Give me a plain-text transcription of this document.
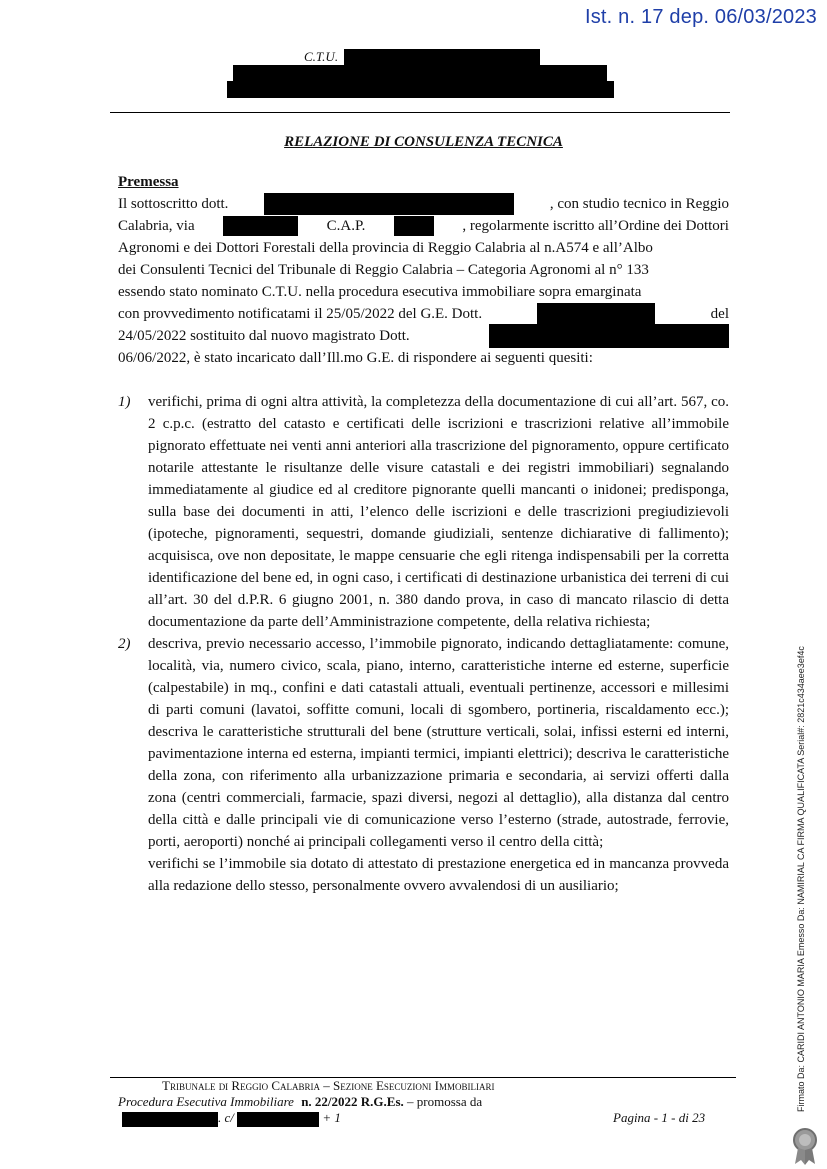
Ist. n. 17 dep. 06/03/2023
C.T.U.
RELAZIONE DI CONSULENZA TECNICA
Premessa
Il sottoscritto dott.	, con studio tecnico in Reggio
Calabria, via	C.A.P.	, regolarmente iscritto all’Ordine dei Dottori
Agronomi e dei Dottori Forestali della provincia di Reggio Calabria al n.A574 e all’Albo
dei Consulenti Tecnici del Tribunale di Reggio Calabria – Categoria Agronomi al n° 133
essendo stato nominato C.T.U. nella procedura esecutiva immobiliare sopra emarginata
con provvedimento notificatami il 25/05/2022 del G.E. Dott.	del
24/05/2022 sostituito dal nuovo magistrato Dott.
06/06/2022, è stato incaricato dall’Ill.mo G.E. di rispondere ai seguenti quesiti:
1) verifichi, prima di ogni altra attività, la completezza della documentazione di cui all’art. 567, co. 2 c.p.c. (estratto del catasto e certificati delle iscrizioni e trascrizioni relative all’immobile pignorato effettuate nei venti anni anteriori alla trascrizione del pignoramento, oppure certificato notarile attestante le risultanze delle visure catastali e dei registri immobiliari) segnalando immediatamente al giudice ed al creditore pignorante quelli mancanti o inidonei; predisponga, sulla base dei documenti in atti, l’elenco delle iscrizioni e delle trascrizioni pregiudizievoli (ipoteche, pignoramenti, sequestri, domande giudiziali, sentenze dichiarative di fallimento); acquisisca, ove non depositate, le mappe censuarie che egli ritenga indispensabili per la corretta identificazione del bene ed, in ogni caso, i certificati di destinazione urbanistica dei terreni di cui all’art. 30 del d.P.R. 6 giugno 2001, n. 380 dando prova, in caso di mancato rilascio di detta documentazione da parte dell’Amministrazione competente, della relativa richiesta;
2) descriva, previo necessario accesso, l’immobile pignorato, indicando dettagliatamente: comune, località, via, numero civico, scala, piano, interno, caratteristiche interne ed esterne, superficie (calpestabile) in mq., confini e dati catastali attuali, eventuali pertinenze, accessori e millesimi di parti comuni (lavatoi, soffitte comuni, locali di sgombero, portineria, riscaldamento ecc.); descriva le caratteristiche strutturali del bene (strutture verticali, solai, infissi esterni ed interni, pavimentazione interna ed esterna, impianti termici, impianti elettrici); descriva le caratteristiche della zona, con riferimento alla urbanizzazione primaria e secondaria, ai servizi offerti dalla zona (centri commerciali, farmacie, spazi diversi, negozi al dettaglio), alla distanza dal centro della città e dalle principali vie di comunicazione verso l’esterno (strade, autostrade, ferrovie, porti, aeroporti) nonché ai principali collegamenti verso il centro della città;
verifichi se l’immobile sia dotato di attestato di prestazione energetica ed in mancanza provveda alla redazione dello stesso, personalmente ovvero avvalendosi di un ausiliario;
Tribunale di Reggio Calabria – Sezione Esecuzioni Immobiliari
Procedura Esecutiva Immobiliare n. 22/2022 R.G.Es. – promossa da
. c/	+ 1	Pagina - 1 - di 23
Firmato Da: CARIDI ANTONIO MARIA Emesso Da: NAMIRIAL CA FIRMA QUALIFICATA Serial#: 2821c434aee3ef4c
